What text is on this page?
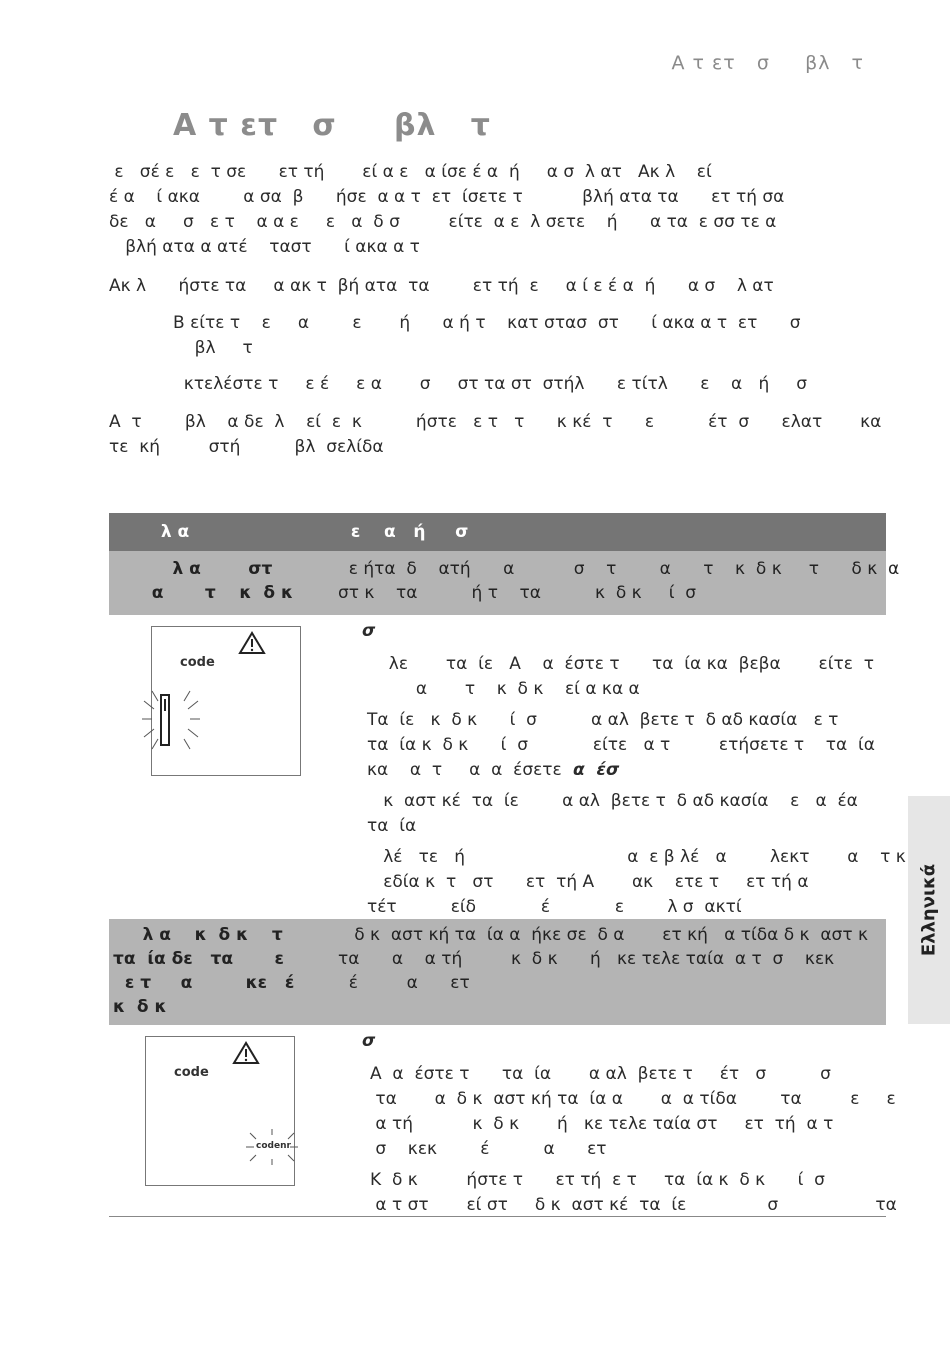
Α τ ετ   σ     βλ   τ
Α τ ετ   σ     βλ   τ

ε   σέ ε   ε  τ σε      ετ τή       εί α ε   α ίσε έ α  ή     α σ  λ ατ   Ακ λ    εί

έ α    ί ακα        α σα  β      ήσε  α α τ  ετ  ίσετε τ           βλή ατα τα      ετ τή σα

δε   α     σ   ε τ    α α ε     ε   α  δ σ         είτε  α ε  λ σετε    ή      α τα  ε σσ τε α

βλή ατα α ατέ    ταστ      ί ακα α τ

Ακ λ      ήστε τα     α ακ τ  βή ατα  τα        ετ τή  ε     α ί ε έ α  ή      α σ    λ ατ

Β είτε τ    ε     α        ε       ή      α ή τ    κατ στασ  στ      ί ακα α τ  ετ      σ

βλ     τ

κτελέστε τ     ε έ     ε α       σ     στ τα στ  στήλ      ε τίτλ      ε    α   ή     σ

Α  τ        βλ    α δε  λ    εί  ε  κ          ήστε   ε τ   τ      κ κέ  τ      ε          έτ  σ      ελατ       κα

τε  κή         στή          βλ  σελίδα

Ελληνικά
λ α	ε    α   ή     σ
λ α        στ
α       τ    κ  δ κ
ε ήτα  δ    ατή      α           σ    τ        α      τ    κ  δ κ     τ      δ κ  α
στ κ    τα          ή τ    τα          κ  δ κ     ί  σ
code
σ

λε       τα  ίε   Α    α  έστε τ      τα  ία κα  βεβα       είτε  τ
α       τ    κ  δ κ    εί α κα α

Τα  ίε   κ  δ κ      ί  σ          α αλ  βετε τ  δ αδ κασία   ε τ
τα  ία κ  δ κ      ί  σ            είτε   α τ         ετήσετε τ    τα  ία
κα    α  τ     α  α  έσετε  α  έσ

κ  αστ κέ  τα  ίε        α αλ  βετε τ  δ αδ κασία    ε   α  έα
τα  ία

λέ   τε   ή                              α  ε β λέ   α        λεκτ       α    τ κ
εδία κ  τ   στ      ετ  τή Α       ακ    ετε τ     ετ τή α
τέτ          είδ            έ            ε        λ σ  ακτί

λ α    κ  δ κ    τ
τα  ία δε   τα       ε
ε τ     α         κε   έ
κ  δ κ
δ κ  αστ κή τα  ία α  ήκε σε  δ α       ετ κή   α τίδα δ κ  αστ κ
τα      α    α τή         κ  δ κ      ή   κε τελε ταία  α τ  σ    κεκ
έ         α      ετ
code
codenr
σ

Α  α  έστε τ      τα  ία       α αλ  βετε τ     έτ   σ          σ
τα       α  δ κ  αστ κή τα  ία α       α  α τίδα        τα         ε     ε
α τή           κ  δ κ       ή   κε τελε ταία στ     ετ  τή  α τ
σ    κεκ        έ          α      ετ

Κ  δ κ         ήστε τ      ετ τή  ε τ     τα  ία κ  δ κ      ί  σ
α τ στ       εί στ     δ κ  αστ κέ  τα  ίε               σ                  τα
